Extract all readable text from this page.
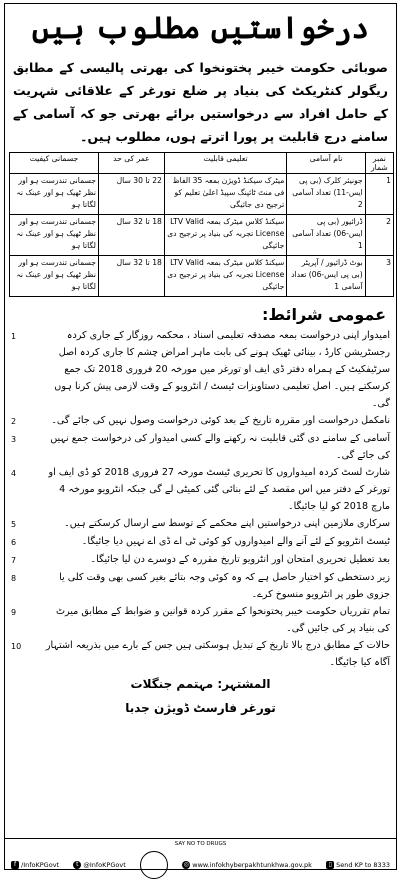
درخواستیں مطلوب ہیں
صوبائی حکومت خیبر پختونخوا کی بھرتی پالیسی کے مطابق ریگولر کنٹریکٹ کی بنیاد پر ضلع تورغر کے علاقائی شہریت کے حامل افراد سے درخواستیں برائے بھرتی جو کہ آسامی کے سامنے درج قابلیت پر پورا اترتے ہوں، مطلوب ہیں۔
نمبر شمار	نام آسامی	تعلیمی قابلیت	عمر کی حد	جسمانی کیفیت
1	جونیئر کلرک (بی پی ایس-11) تعداد آسامی 2	میٹرک سیکنڈ ڈویژن بمعہ 35 الفاظ فی منٹ ٹائپنگ سپیڈ اعلیٰ تعلیم کو ترجیح دی جائیگی	22 تا 30 سال	جسمانی تندرست ہو اور نظر ٹھیک ہو اور عینک نہ لگاتا ہو
2	ڈرائیور (بی پی ایس-06) تعداد آسامی 1	سیکنڈ کلاس میٹرک بمعہ LTV Valid License تجربہ کی بنیاد پر ترجیح دی جائیگی	18 تا 32 سال	جسمانی تندرست ہو اور نظر ٹھیک ہو اور عینک نہ لگاتا ہو
3	بوٹ ڈرائیور / آپریٹر (بی پی ایس-06) تعداد آسامی 1	سیکنڈ کلاس میٹرک بمعہ LTV Valid License تجربہ کی بنیاد پر ترجیح دی جائیگی	18 تا 32 سال	جسمانی تندرست ہو اور نظر ٹھیک ہو اور عینک نہ لگاتا ہو
عمومی شرائط:
امیدوار اپنی درخواست بمعہ مصدقہ تعلیمی اسناد ، محکمہ روزگار کے جاری کردہ رجسٹریشن کارڈ ، بینائی ٹھیک ہونے کی بابت ماہر امراض چشم کا جاری کردہ اصل سرٹیفکیٹ کے ہمراہ دفتر ڈی ایف او تورغر میں مورخہ 20 فروری 2018 تک جمع کرسکتے ہیں۔ اصل تعلیمی دستاویزات ٹیسٹ / انٹرویو کے وقت لازمی پیش کرنا ہوں گی۔
1
نامکمل درخواست اور مقررہ تاریخ کے بعد کوئی درخواست وصول نہیں کی جائے گی۔
2
آسامی کے سامنے دی گئی قابلیت نہ رکھنے والے کسی امیدوار کی درخواست جمع نہیں کی جائے گی۔
3
شارٹ لسٹ کردہ امیدواروں کا تحریری ٹیسٹ مورخہ 27 فروری 2018 کو ڈی ایف او تورغر کے دفتر میں اس مقصد کے لئے بنائی گئی کمیٹی لے گی جبکہ انٹرویو مورخہ 4 مارچ 2018 کو لیا جائیگا۔
4
سرکاری ملازمین اپنی درخواستیں اپنے محکمے کے توسط سے ارسال کرسکتے ہیں۔
5
ٹیسٹ انٹرویو کے لئے آنے والے امیدواروں کو کوئی ٹی اے ڈی اے نہیں دیا جائیگا۔
6
بعد تعطیل تحریری امتحان اور انٹرویو تاریخ مقررہ کے دوسرے دن لیا جائیگا۔
7
زیر دستخطی کو اختیار حاصل ہے کہ وہ کوئی وجہ بتائے بغیر کسی بھی وقت کلی یا جزوی طور پر انٹرویو منسوخ کرے۔
8
تمام تقرریاں حکومت خیبر پختونخوا کے مقرر کردہ قوانین و ضوابط کے مطابق میرٹ کی بنیاد پر کی جائیں گی۔
9
حالات کے مطابق درج بالا تاریخ کے تبدیل ہوسکتی ہیں جس کے بارے میں بذریعہ اشتہار آگاہ کیا جائیگا۔
10
المشتہر: مہتمم جنگلات
تورغر فارسٹ ڈویژن جدبا
SAY NO TO DRUGS
f /InfoKPGovt	t @InfoKPGovt	◎ www.infokhyberpakhtunkhwa.gov.pk	▯ Send KP to 8333
